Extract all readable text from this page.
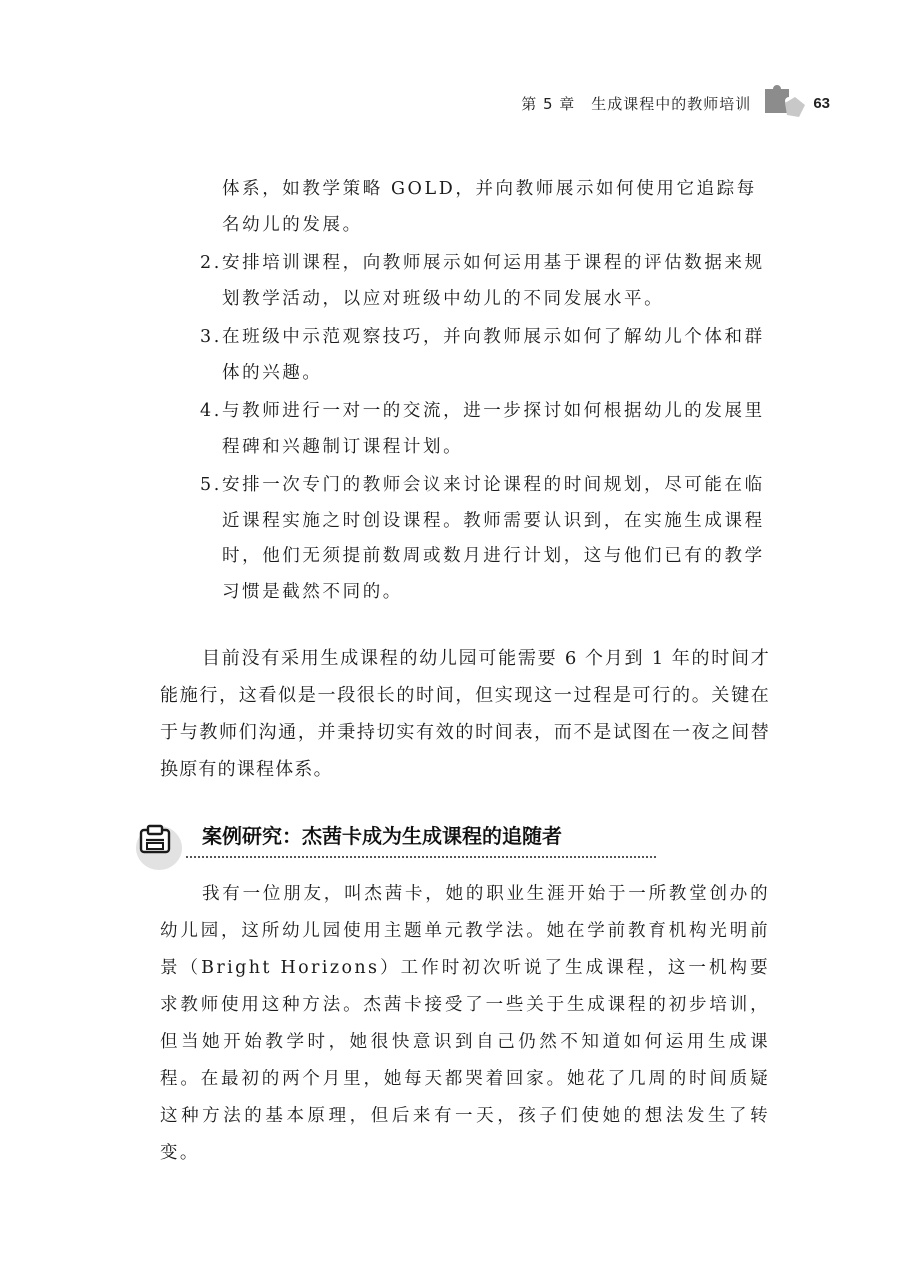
第 5 章　生成课程中的教师培训	63
体系，如教学策略 GOLD，并向教师展示如何使用它追踪每名幼儿的发展。
2. 安排培训课程，向教师展示如何运用基于课程的评估数据来规划教学活动，以应对班级中幼儿的不同发展水平。
3. 在班级中示范观察技巧，并向教师展示如何了解幼儿个体和群体的兴趣。
4. 与教师进行一对一的交流，进一步探讨如何根据幼儿的发展里程碑和兴趣制订课程计划。
5. 安排一次专门的教师会议来讨论课程的时间规划，尽可能在临近课程实施之时创设课程。教师需要认识到，在实施生成课程时，他们无须提前数周或数月进行计划，这与他们已有的教学习惯是截然不同的。

目前没有采用生成课程的幼儿园可能需要 6 个月到 1 年的时间才能施行，这看似是一段很长的时间，但实现这一过程是可行的。关键在于与教师们沟通，并秉持切实有效的时间表，而不是试图在一夜之间替换原有的课程体系。

案例研究：杰茜卡成为生成课程的追随者

我有一位朋友，叫杰茜卡，她的职业生涯开始于一所教堂创办的幼儿园，这所幼儿园使用主题单元教学法。她在学前教育机构光明前景（Bright Horizons）工作时初次听说了生成课程，这一机构要求教师使用这种方法。杰茜卡接受了一些关于生成课程的初步培训，但当她开始教学时，她很快意识到自己仍然不知道如何运用生成课程。在最初的两个月里，她每天都哭着回家。她花了几周的时间质疑这种方法的基本原理，但后来有一天，孩子们使她的想法发生了转变。
